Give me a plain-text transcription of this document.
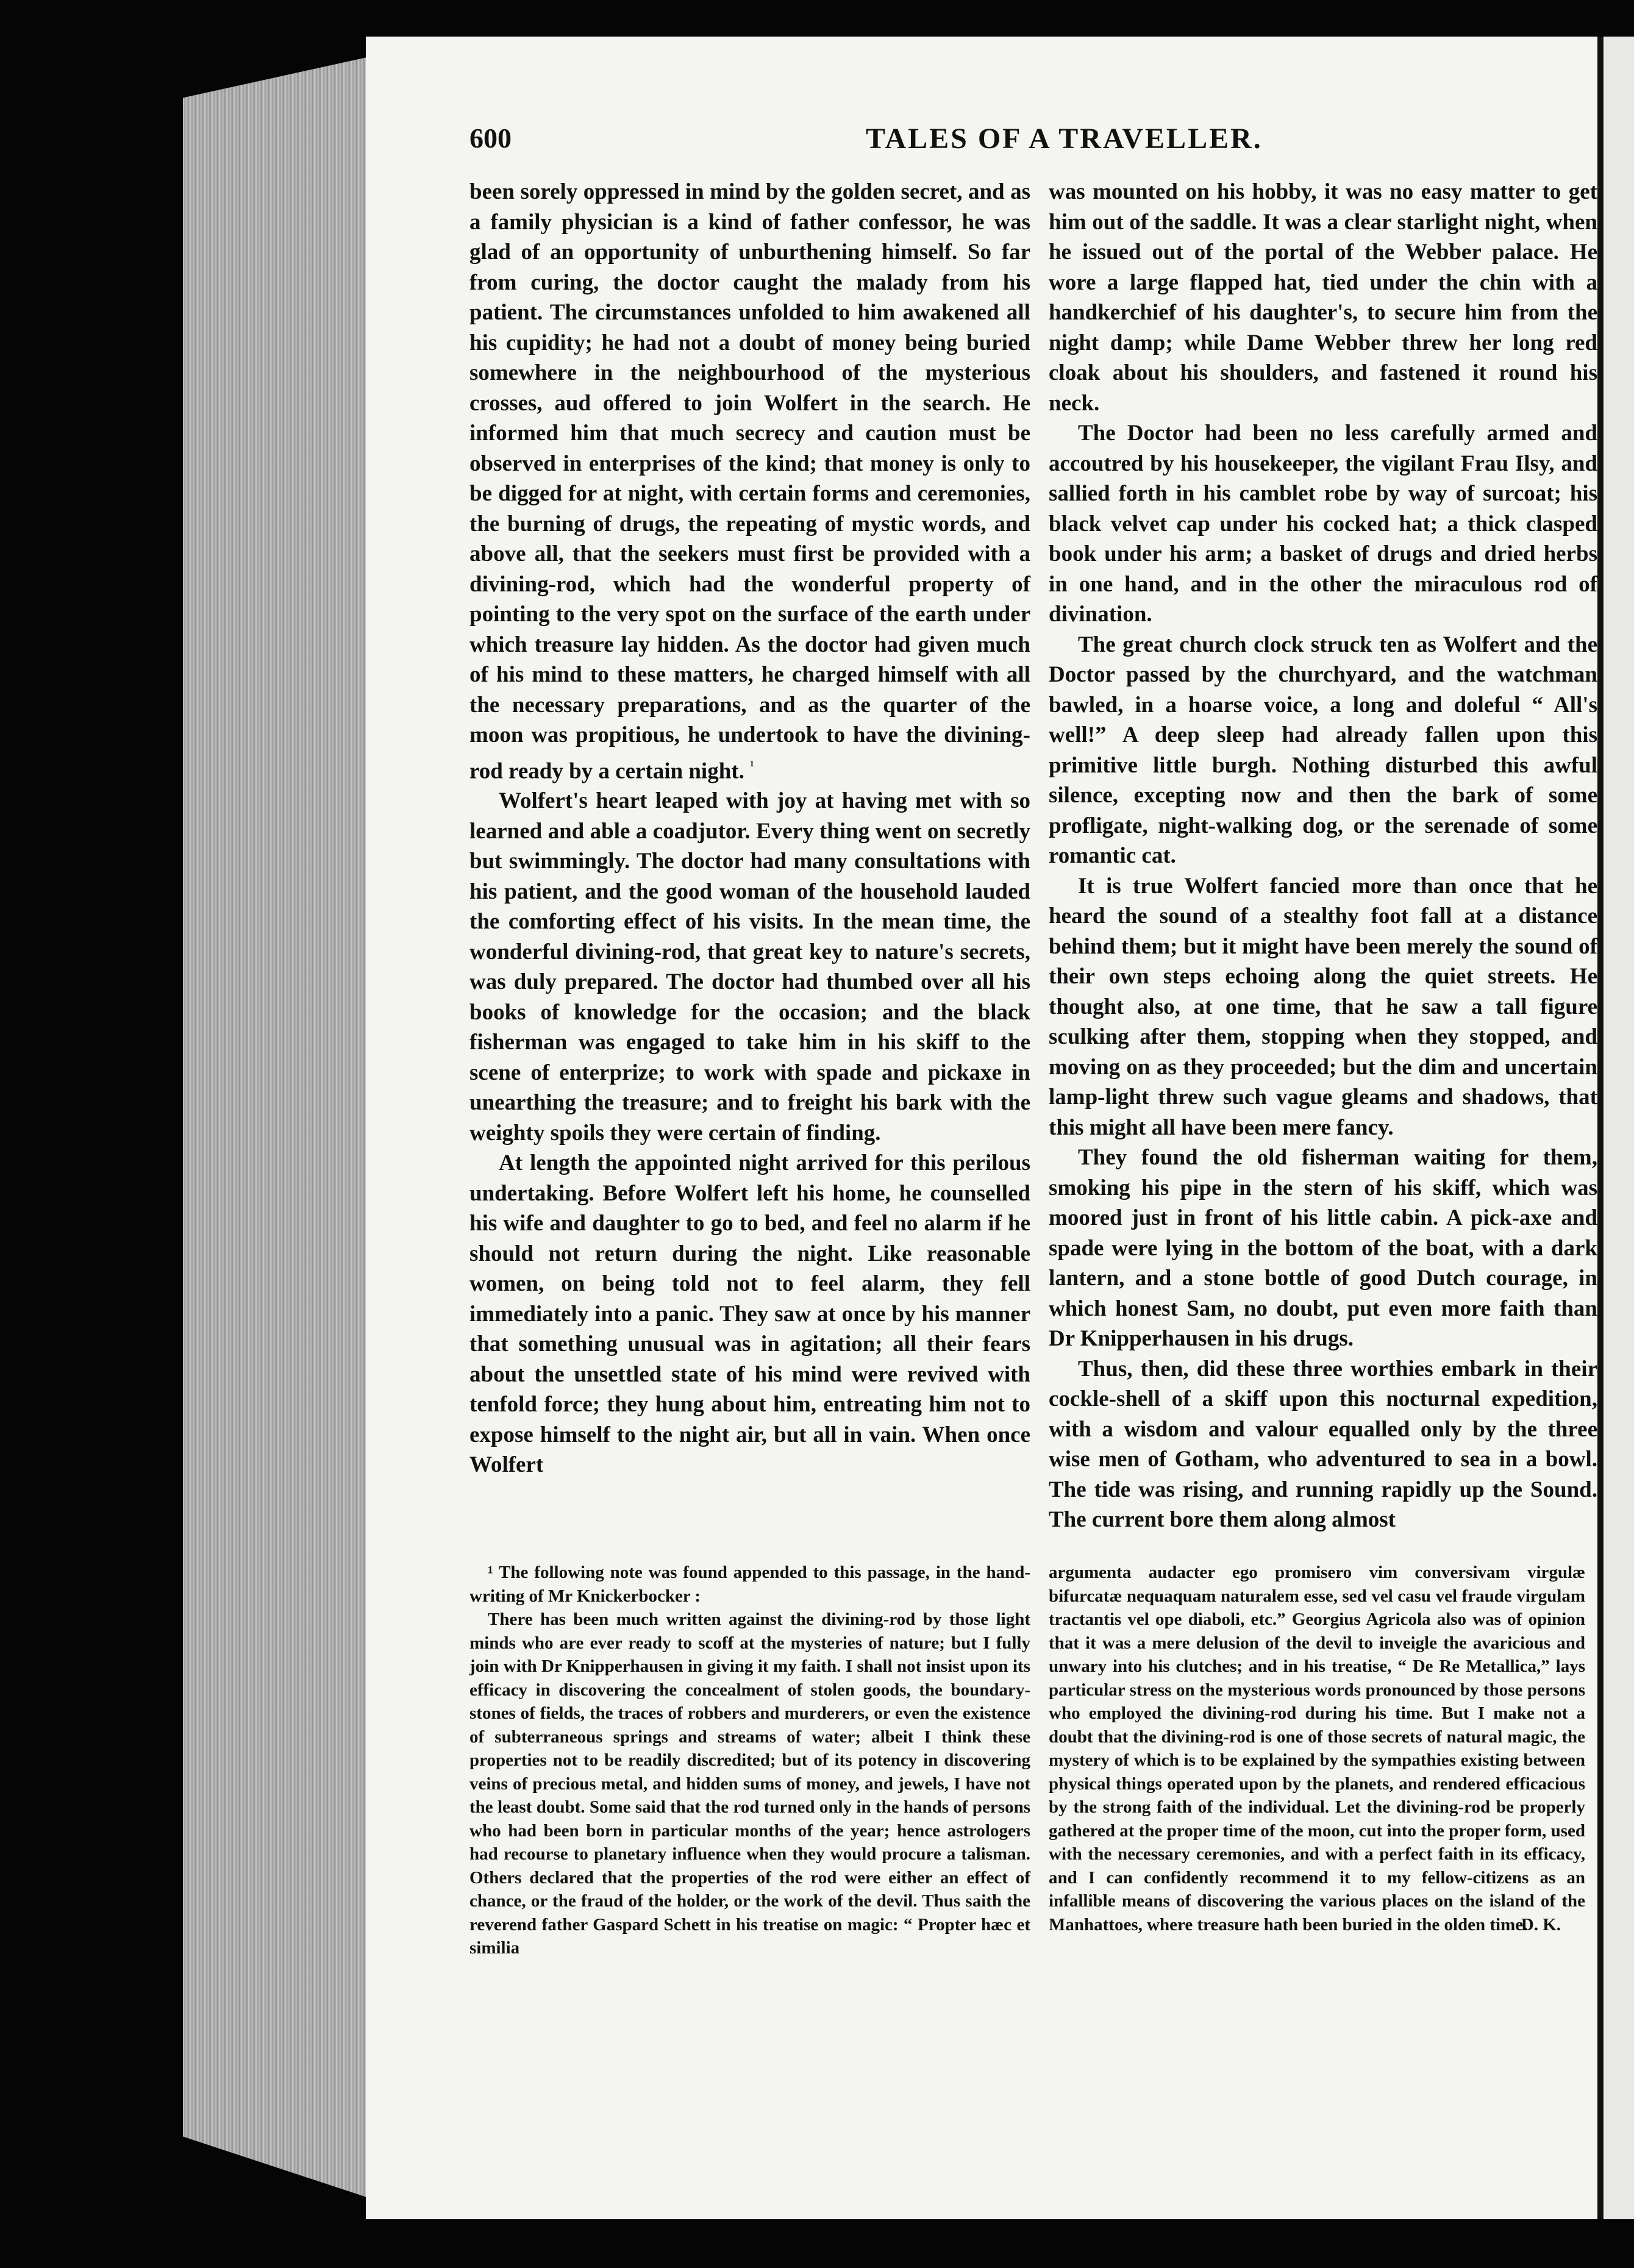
600	TALES OF A TRAVELLER.

been sorely oppressed in mind by the golden secret, and as a family physician is a kind of father confessor, he was glad of an opportunity of unburthening himself. So far from curing, the doctor caught the malady from his patient. The circumstances unfolded to him awakened all his cupidity; he had not a doubt of money being buried somewhere in the neighbourhood of the mysterious crosses, aud offered to join Wolfert in the search. He informed him that much secrecy and caution must be observed in enterprises of the kind; that money is only to be digged for at night, with certain forms and ceremonies, the burning of drugs, the repeating of mystic words, and above all, that the seekers must first be provided with a divining-rod, which had the wonderful property of pointing to the very spot on the surface of the earth under which treasure lay hidden. As the doctor had given much of his mind to these matters, he charged himself with all the necessary preparations, and as the quarter of the moon was propitious, he undertook to have the divining-rod ready by a certain night. $^{^1}$

Wolfert's heart leaped with joy at having met with so learned and able a coadjutor. Every thing went on secretly but swimmingly. The doctor had many consultations with his patient, and the good woman of the household lauded the comforting effect of his visits. In the mean time, the wonderful divining-rod, that great key to nature's secrets, was duly prepared. The doctor had thumbed over all his books of knowledge for the occasion; and the black fisherman was engaged to take him in his skiff to the scene of enterprize; to work with spade and pickaxe in unearthing the treasure; and to freight his bark with the weighty spoils they were certain of finding.

At length the appointed night arrived for this perilous undertaking. Before Wolfert left his home, he counselled his wife and daughter to go to bed, and feel no alarm if he should not return during the night. Like reasonable women, on being told not to feel alarm, they fell immediately into a panic. They saw at once by his manner that something unusual was in agitation; all their fears about the unsettled state of his mind were revived with tenfold force; they hung about him, entreating him not to expose himself to the night air, but all in vain. When once Wolfert

was mounted on his hobby, it was no easy matter to get him out of the saddle. It was a clear starlight night, when he issued out of the portal of the Webber palace. He wore a large flapped hat, tied under the chin with a handkerchief of his daughter's, to secure him from the night damp; while Dame Webber threw her long red cloak about his shoulders, and fastened it round his neck.

The Doctor had been no less carefully armed and accoutred by his housekeeper, the vigilant Frau Ilsy, and sallied forth in his camblet robe by way of surcoat; his black velvet cap under his cocked hat; a thick clasped book under his arm; a basket of drugs and dried herbs in one hand, and in the other the miraculous rod of divination.

The great church clock struck ten as Wolfert and the Doctor passed by the churchyard, and the watchman bawled, in a hoarse voice, a long and doleful “ All's well!” A deep sleep had already fallen upon this primitive little burgh. Nothing disturbed this awful silence, excepting now and then the bark of some profligate, night-walking dog, or the serenade of some romantic cat.

It is true Wolfert fancied more than once that he heard the sound of a stealthy foot fall at a distance behind them; but it might have been merely the sound of their own steps echoing along the quiet streets. He thought also, at one time, that he saw a tall figure sculking after them, stopping when they stopped, and moving on as they proceeded; but the dim and uncertain lamp-light threw such vague gleams and shadows, that this might all have been mere fancy.

They found the old fisherman waiting for them, smoking his pipe in the stern of his skiff, which was moored just in front of his little cabin. A pick-axe and spade were lying in the bottom of the boat, with a dark lantern, and a stone bottle of good Dutch courage, in which honest Sam, no doubt, put even more faith than Dr Knipperhausen in his drugs.

Thus, then, did these three worthies embark in their cockle-shell of a skiff upon this nocturnal expedition, with a wisdom and valour equalled only by the three wise men of Gotham, who adventured to sea in a bowl. The tide was rising, and running rapidly up the Sound. The current bore them along almost

¹ The following note was found appended to this passage, in the hand-writing of Mr Knickerbocker :

There has been much written against the divining-rod by those light minds who are ever ready to scoff at the mysteries of nature; but I fully join with Dr Knipperhausen in giving it my faith. I shall not insist upon its efficacy in discovering the concealment of stolen goods, the boundary-stones of fields, the traces of robbers and murderers, or even the existence of subterraneous springs and streams of water; albeit I think these properties not to be readily discredited; but of its potency in discovering veins of precious metal, and hidden sums of money, and jewels, I have not the least doubt. Some said that the rod turned only in the hands of persons who had been born in particular months of the year; hence astrologers had recourse to planetary influence when they would procure a talisman. Others declared that the properties of the rod were either an effect of chance, or the fraud of the holder, or the work of the devil. Thus saith the reverend father Gaspard Schett in his treatise on magic: “ Propter hæc et similia

argumenta audacter ego promisero vim conversivam virgulæ bifurcatæ nequaquam naturalem esse, sed vel casu vel fraude virgulam tractantis vel ope diaboli, etc.” Georgius Agricola also was of opinion that it was a mere delusion of the devil to inveigle the avaricious and unwary into his clutches; and in his treatise, “ De Re Metallica,” lays particular stress on the mysterious words pronounced by those persons who employed the divining-rod during his time. But I make not a doubt that the divining-rod is one of those secrets of natural magic, the mystery of which is to be explained by the sympathies existing between physical things operated upon by the planets, and rendered efficacious by the strong faith of the individual. Let the divining-rod be properly gathered at the proper time of the moon, cut into the proper form, used with the necessary ceremonies, and with a perfect faith in its efficacy, and I can confidently recommend it to my fellow-citizens as an infallible means of discovering the various places on the island of the Manhattoes, where treasure hath been buried in the olden time.

D. K.
